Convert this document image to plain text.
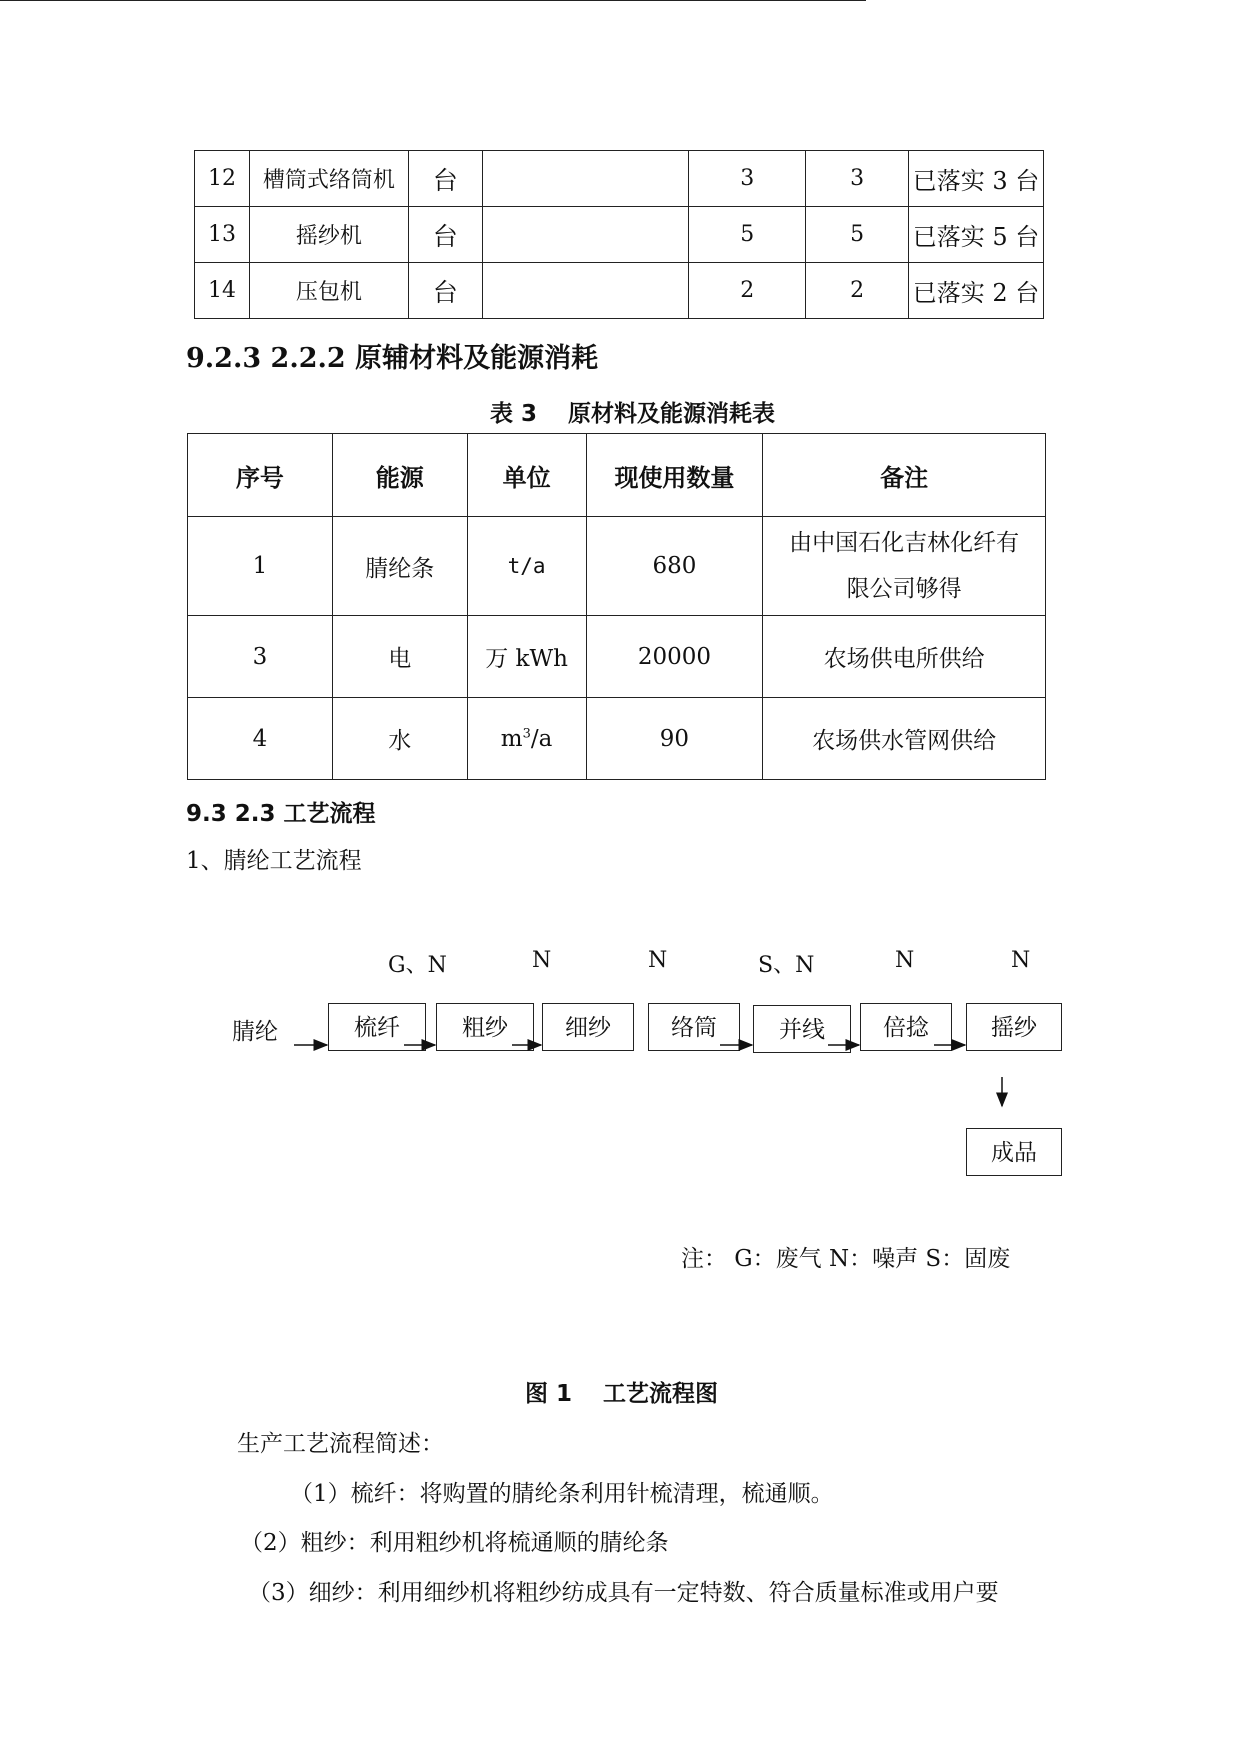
12	槽筒式络筒机	台		3	3	已落实 3 台
13	摇纱机	台		5	5	已落实 5 台
14	压包机	台		2	2	已落实 2 台
9.2.3 2.2.2 原辅材料及能源消耗
表 3　 原材料及能源消耗表
序号	能源	单位	现使用数量	备注
1	腈纶条	t/a	680	由中国石化吉林化纤有
限公司够得

3	电	万 kWh	20000	农场供电所供给
4	水	$m^3/a$	90	农场供水管网供给
9.3 2.3 工艺流程
1、腈纶工艺流程
G、N	N	N	S、N	N	N
腈纶	梳纤	粗纱	细纱	络筒	并线	倍捻	摇纱
成品
注： G：废气 N：噪声 S：固废
图 1　 工艺流程图
生产工艺流程简述：
（1）梳纤：将购置的腈纶条利用针梳清理，梳通顺。
（2）粗纱：利用粗纱机将梳通顺的腈纶条
（3）细纱：利用细纱机将粗纱纺成具有一定特数、符合质量标准或用户要
